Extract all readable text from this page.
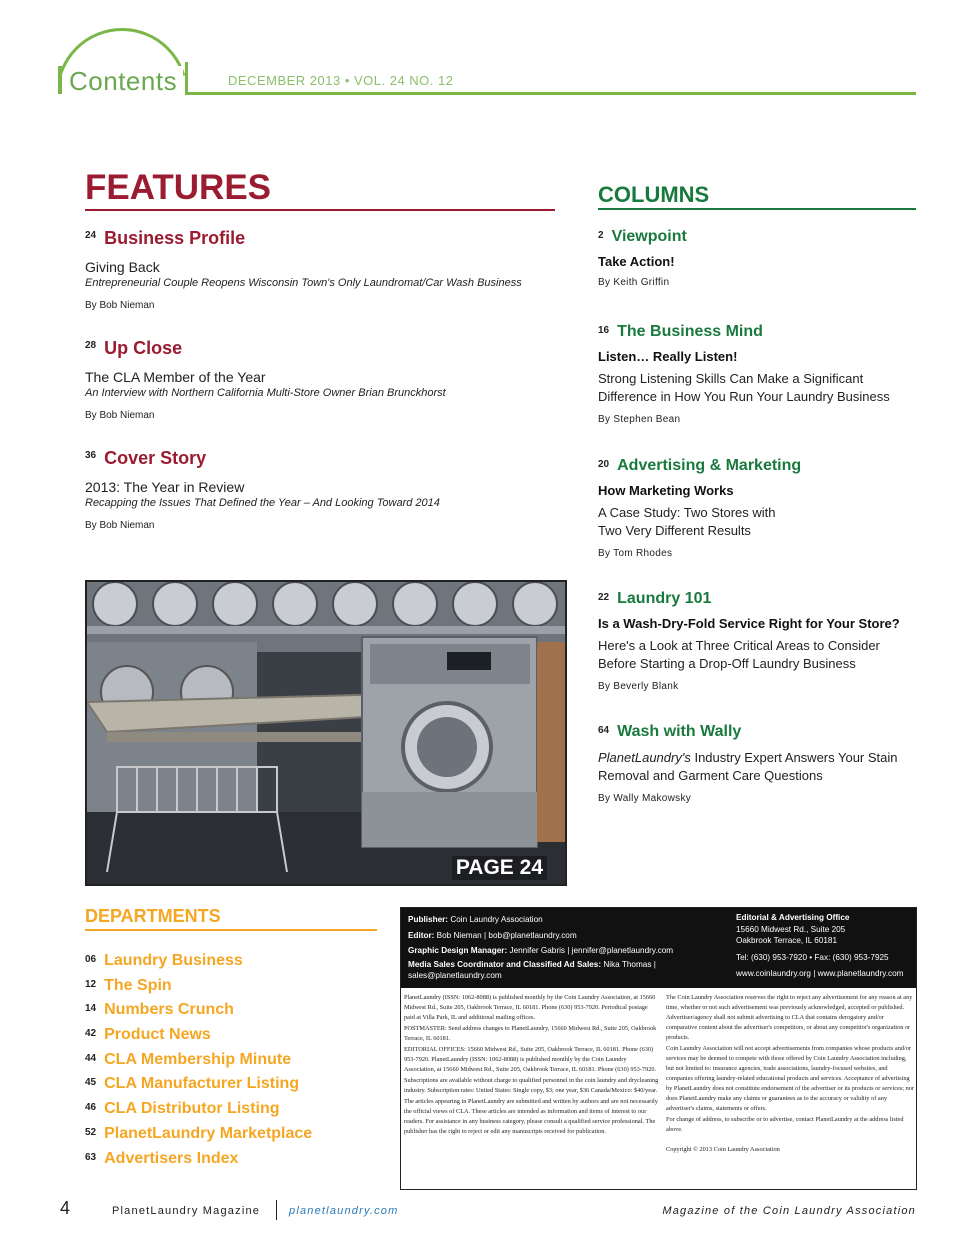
Contents	DECEMBER 2013 • VOL. 24 NO. 12
FEATURES
$^{24}$ Business Profile
Giving Back
Entrepreneurial Couple Reopens Wisconsin Town's Only Laundromat/Car Wash Business
By Bob Nieman
$^{28}$ Up Close
The CLA Member of the Year
An Interview with Northern California Multi-Store Owner Brian Brunckhorst
By Bob Nieman
$^{36}$ Cover Story
2013: The Year in Review
Recapping the Issues That Defined the Year – And Looking Toward 2014
By Bob Nieman
PAGE 24
COLUMNS
$^2$ Viewpoint
Take Action!
By Keith Griffin
$^{16}$ The Business Mind
Listen… Really Listen!
Strong Listening Skills Can Make a Significant Difference in How You Run Your Laundry Business
By Stephen Bean
$^{20}$ Advertising & Marketing
How Marketing Works
A Case Study: Two Stores with Two Very Different Results
By Tom Rhodes
$^{22}$ Laundry 101
Is a Wash-Dry-Fold Service Right for Your Store?
Here's a Look at Three Critical Areas to Consider Before Starting a Drop-Off Laundry Business
By Beverly Blank
$^{64}$ Wash with Wally
PlanetLaundry's Industry Expert Answers Your Stain Removal and Garment Care Questions
By Wally Makowsky
DEPARTMENTS
$^{06}$ Laundry Business
$^{12}$ The Spin
$^{14}$ Numbers Crunch
$^{42}$ Product News
$^{44}$ CLA Membership Minute
$^{45}$ CLA Manufacturer Listing
$^{46}$ CLA Distributor Listing
$^{52}$ PlanetLaundry Marketplace
$^{63}$ Advertisers Index
Publisher: Coin Laundry Association
Editor: Bob Nieman | bob@planetlaundry.com
Graphic Design Manager: Jennifer Gabris | jennifer@planetlaundry.com
Media Sales Coordinator and Classified Ad Sales: Nika Thomas | sales@planetlaundry.com
Editorial & Advertising Office
15660 Midwest Rd., Suite 205
Oakbrook Terrace, IL 60181
Tel: (630) 953-7920 • Fax: (630) 953-7925
www.coinlaundry.org | www.planetlaundry.com

PlanetLaundry (ISSN: 1062-8088) is published monthly by the Coin Laundry Association, at 15660 Midwest Rd., Suite 205, Oakbrook Terrace, IL 60181. Phone (630) 953-7920. Periodical postage paid at Villa Park, IL and additional mailing offices.

POSTMASTER: Send address changes to PlanetLaundry, 15660 Midwest Rd., Suite 205, Oakbrook Terrace, IL 60181.

EDITORIAL OFFICES: 15660 Midwest Rd., Suite 205, Oakbrook Terrace, IL 60181. Phone (630) 953-7920. PlanetLaundry (ISSN: 1062-8088) is published monthly by the Coin Laundry Association, at 15660 Midwest Rd., Suite 205, Oakbrook Terrace, IL 60181. Phone (630) 953-7920.

Subscriptions are available without charge to qualified personnel in the coin laundry and drycleaning industry. Subscription rates: United States: Single copy, $3; one year, $36 Canada/Mexico: $40/year.

The articles appearing in PlanetLaundry are submitted and written by authors and are not necessarily the official views of CLA. These articles are intended as information and items of interest to our readers. For assistance in any business category, please consult a qualified service professional. The publisher has the right to reject or edit any manuscripts received for publication.

The Coin Laundry Association reserves the right to reject any advertisement for any reason at any time, whether or not such advertisement was previously acknowledged, accepted or published. Advertiser/agency shall not submit advertising to CLA that contains derogatory and/or comparative content about the advertiser's competitors, or about any competitor's organization or products.

Coin Laundry Association will not accept advertisements from companies whose products and/or services may be deemed to compete with those offered by Coin Laundry Association including, but not limited to: insurance agencies, trade associations, laundry-focused websites, and companies offering laundry-related educational products and services. Acceptance of advertising by PlanetLaundry does not constitute endorsement of the advertiser or its products or services; nor does PlanetLaundry make any claims or guarantees as to the accuracy or validity of any advertiser's claims, statements or offers.

For change of address, to subscribe or to advertise, contact PlanetLaundry at the address listed above.

Copyright © 2013 Coin Laundry Association

4	PlanetLaundry Magazine	planetlaundry.com	Magazine of the Coin Laundry Association
